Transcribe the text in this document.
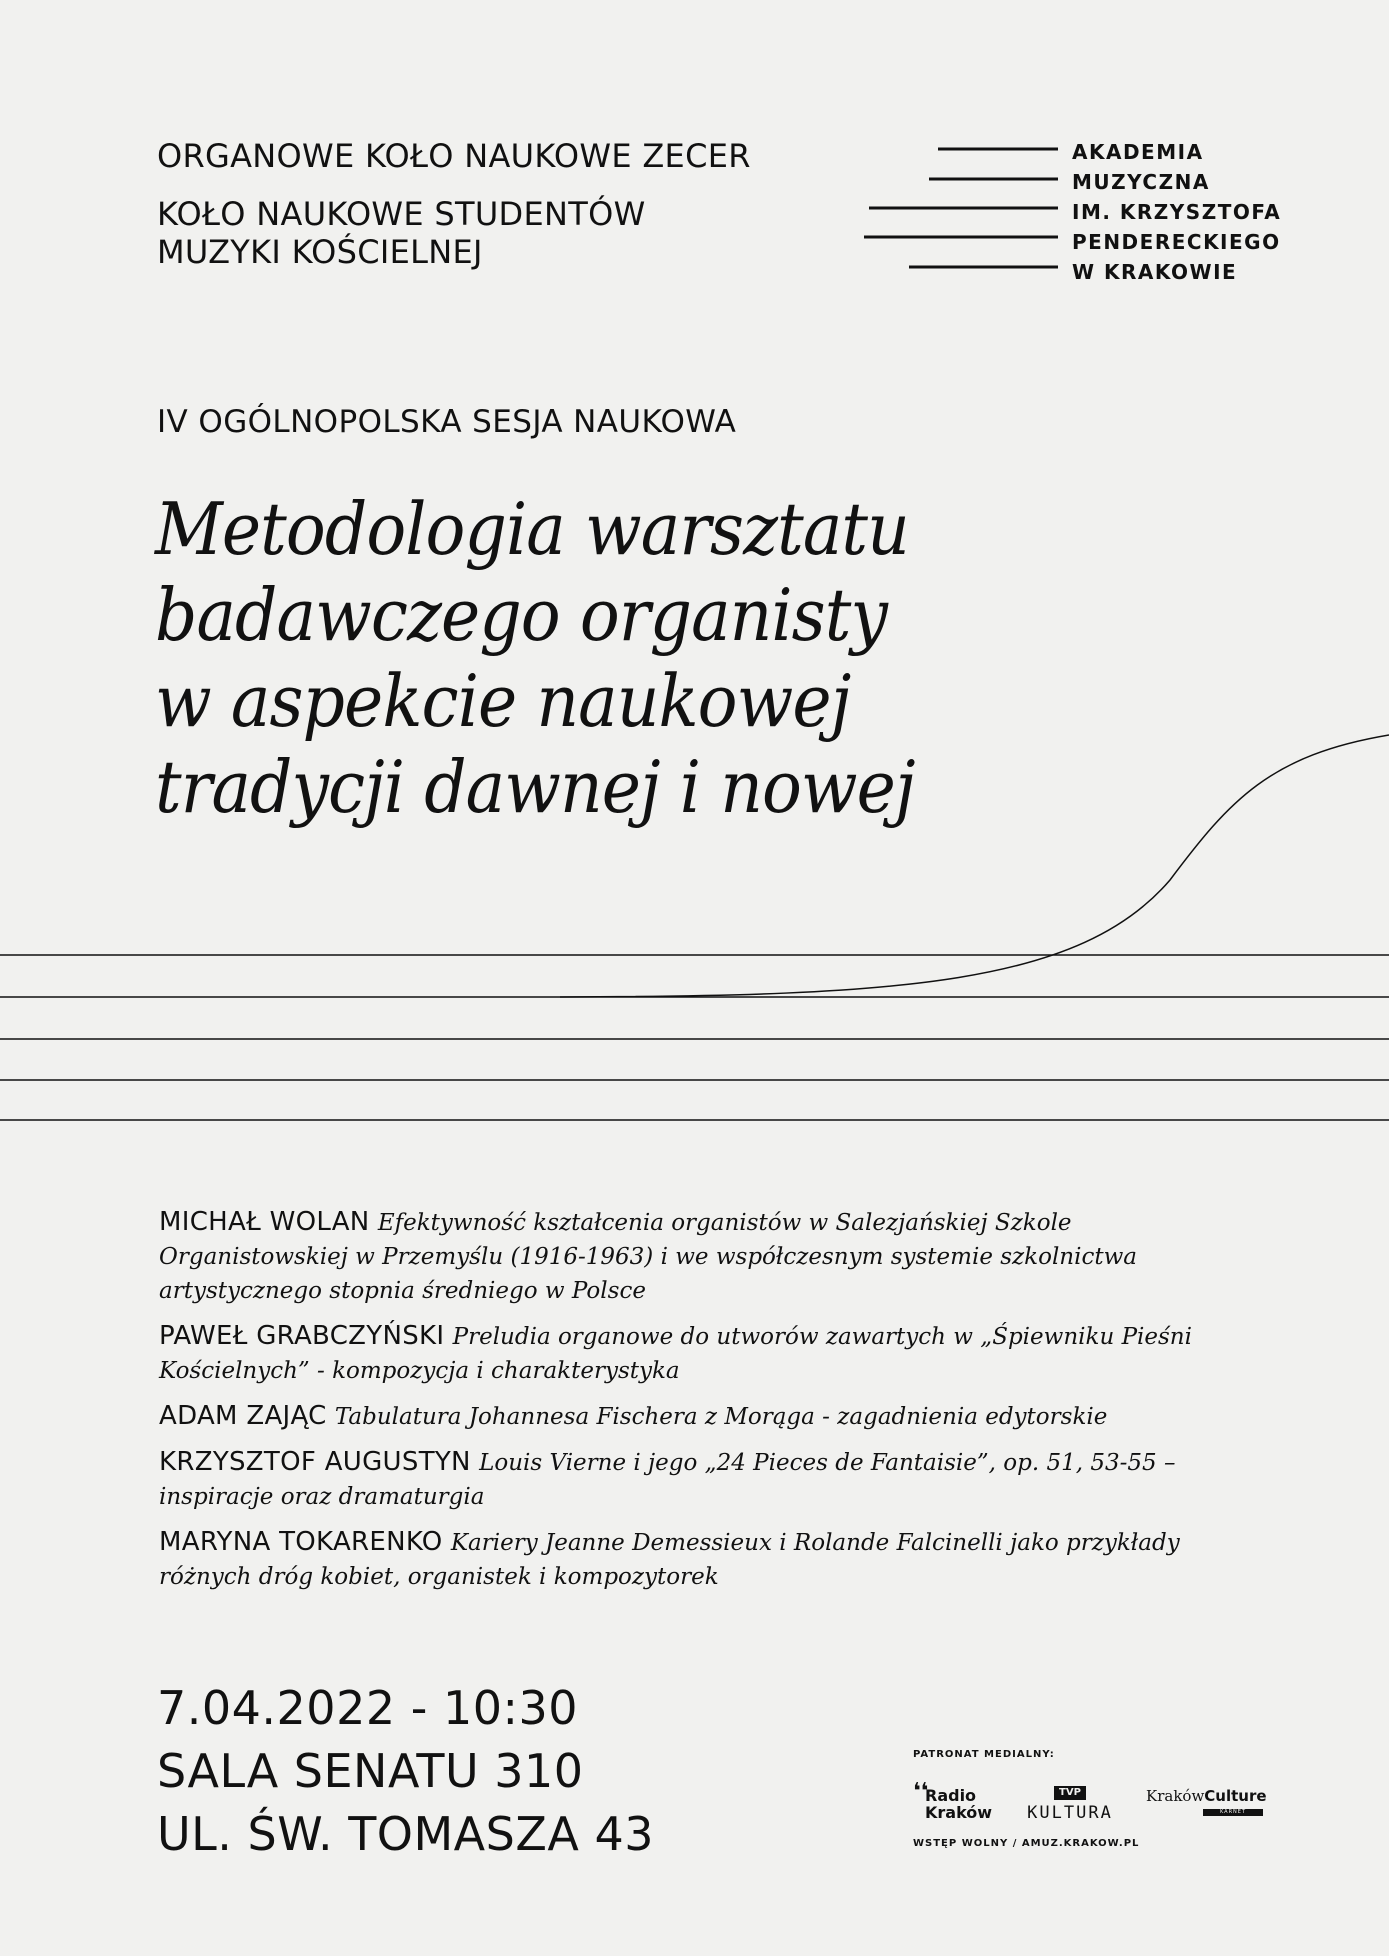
ORGANOWE KOŁO NAUKOWE ZECER
KOŁO NAUKOWE STUDENTÓW
MUZYKI KOŚCIELNEJ
AKADEMIA
MUZYCZNA
IM. KRZYSZTOFA
PENDERECKIEGO
W KRAKOWIE
IV OGÓLNOPOLSKA SESJA NAUKOWA
Metodologia warsztatu
badawczego organisty
w aspekcie naukowej
tradycji dawnej i nowej
MICHAŁ WOLAN Efektywność kształcenia organistów w Salezjańskiej Szkole Organistowskiej w Przemyślu (1916-1963) i we współczesnym systemie szkolnictwa artystycznego stopnia średniego w Polsce
PAWEŁ GRABCZYŃSKI Preludia organowe do utworów zawartych w „Śpiewniku Pieśni Kościelnych” - kompozycja i charakterystyka
ADAM ZAJĄC Tabulatura Johannesa Fischera z Morąga - zagadnienia edytorskie
KRZYSZTOF AUGUSTYN Louis Vierne i jego „24 Pieces de Fantaisie”, op. 51, 53-55 – inspiracje oraz dramaturgia
MARYNA TOKARENKO Kariery Jeanne Demessieux i Rolande Falcinelli jako przykłady różnych dróg kobiet, organistek i kompozytorek
7.04.2022 - 10:30
SALA SENATU 310
UL. ŚW. TOMASZA 43
PATRONAT MEDIALNY:
❛❛
Radio
Kraków
TVP
KULTURA
KrakówCulture
KARNET
WSTĘP WOLNY / AMUZ.KRAKOW.PL
